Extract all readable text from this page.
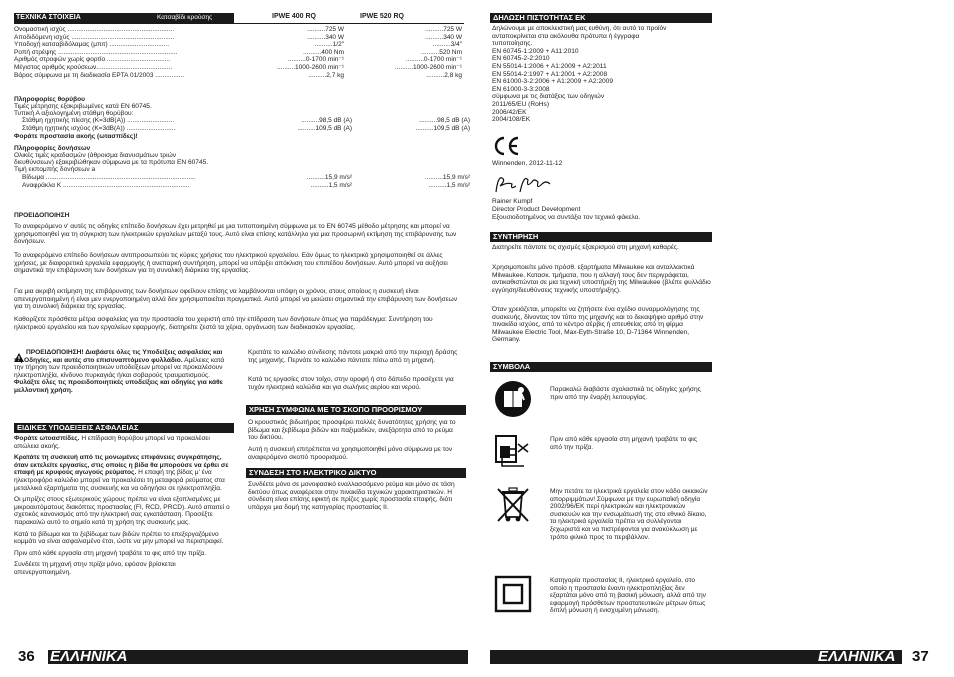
ΤΕΧΝΙΚΑ ΣΤΟΙΧΕΙΑ	Κατσαβίδι κρούσης	IPWE 400 RQ	IPWE 520 RQ
Ονομαστική ισχύς ...........................................................	..........725 W	..........725 W
Αποδιδόμενη ισχύς .........................................................	..........340 W	..........340 W
Υποδοχή κατσαβιδόλαμας (μπιτ) .................................	..........1/2"	..........3/4"
Ροπή στρέψης ..................................................................	..........400 Nm	..........520 Nm
Αριθμός στροφών χωρίς φορτίο ...................................	..........0-1700 min⁻¹	..........0-1700 min⁻¹
Μέγιστος αριθμός κρούσεων..........................................	..........1000-2600 min⁻¹	..........1000-2600 min⁻¹
Βάρος σύμφωνα με τη διαδικασία EPTA 01/2003 ................	..........2,7 kg	..........2,8 kg
Πληροφορίες θορύβου
Τιμές μέτρησης εξακριβωμένες κατά EN 60745.
Τυπική Α αξιολογημένη στάθμη θορύβου:
Στάθμη ηχητικής πίεσης (K=3dB(A)) ..........................	..........98,5 dB (A)	..........98,5 dB (A)
Στάθμη ηχητικής ισχύος (K=3dB(A)) ...........................	..........109,5 dB (A)	..........109,5 dB (A)
Φοράτε προστασία ακοής (ωτασπίδες)!
Πληροφορίες δονήσεων
Ολικές τιμές κραδασμών (άθροισμα διανυσμάτων τριών
διευθύνσεων) εξακριβώθηκαν σύμφωνα με τα πρότυπα EN 60745.
Τιμή εκπομπής δονήσεων a
Βίδωμα ...................................................................................	..........15,9 m/s²	..........15,9 m/s²
Αναφράκλα K ......................................................................	..........1,5 m/s²	..........1,5 m/s²
ΠΡΟΕΙΔΟΠΟΙΗΣΗ
Το αναφερόμενο ν' αυτές τις οδηγίες επίπεδο δονήσεων έχει μετρηθεί με μια τυποποιημένη σύμφωνα με το EN 60745 μέθοδο μέτρησης και μπορεί να χρησιμοποιηθεί για τη σύγκριση των ηλεκτρικών εργαλείων μεταξύ τους. Αυτό είναι επίσης κατάλληλο για μια προσωρινή εκτίμηση της επιβάρυνσης των δονήσεων.
Το αναφερόμενο επίπεδο δονήσεων αντιπροσωπεύει τις κύριες χρήσεις του ηλεκτρικού εργαλείου. Εάν όμως το ηλεκτρικό χρησιμοποιηθεί σε άλλες χρήσεις, με διαφορετικά εργαλεία εφαρμογής ή ανεπαρκή συντήρηση, μπορεί να υπάρξει απόκλιση του επιπέδου δονήσεων. Αυτό μπορεί να αυξήσει σημαντικά την επιβάρυνση των δονήσεων για τη συνολική διάρκεια της εργασίας.
Για μια ακριβή εκτίμηση της επιβάρυνσης των δονήσεων οφείλουν επίσης να λαμβάνονται υπόψη οι χρόνοι, στους οποίους η συσκευή είναι απενεργοποιημένη ή είναι μεν ενεργοποιημένη αλλά δεν χρησιμοποιείται πραγματικά. Αυτό μπορεί να μειώσει σημαντικά την επιβάρυνση των δονήσεων για τη συνολική διάρκεια της εργασίας.
Καθορίζετε πρόσθετα μέτρα ασφαλείας για την προστασία του χειριστή από την επίδραση των δονήσεων όπως για παράδειγμα: Συντήρηση του ηλεκτρικού εργαλείου και των εργαλείων εφαρμογής, διατηρείτε ζεστά τα χέρια, οργάνωση των διαδικασιών εργασίας.
ΠΡΟΕΙΔΟΠΟΙΗΣΗ! Διαβάστε όλες τις Υποδείξεις ασφαλείας και τις Οδηγίες, και αυτές στο επισυναπτόμενο φυλλάδιο. Αμέλειες κατά την τήρηση των προειδοποιητικών υποδείξεων μπορεί να προκαλέσουν ηλεκτροπληξία, κίνδυνο πυρκαγιάς ή/και σοβαρούς τραυματισμούς. Φυλάξτε όλες τις προειδοποιητικές υποδείξεις και οδηγίες για κάθε μελλοντική χρήση.
ΕΙΔΙΚΕΣ ΥΠΟΔΕΙΞΕΙΣ ΑΣΦΑΛΕΙΑΣ
Φοράτε ωτοασπίδες. Η επίδραση θορύβου μπορεί να προκαλέσει απώλεια ακοής.
Κρατάτε τη συσκευή από τις μονωμένες επιφάνειες συγκράτησης, όταν εκτελείτε εργασίες, στις οποίες η βίδα θα μπορούσε να έρθει σε επαφή με κρυφούς αγωγούς ρεύματος. Η επαφή της βίδας μ' ένα ηλεκτροφόρο καλώδιο μπορεί να προκαλέσει τη μεταφορά ρεύματος στα μεταλλικά εξαρτήματα της συσκευής και να οδηγήσει σε ηλεκτροπληξία.
Οι μπρίζες στους εξωτερικούς χώρους πρέπει να είναι εξοπλισμένες με μικροαυτόματους διακόπτες προστασίας (FI, RCD, PRCD). Αυτό απαιτεί ο σχετικός κανονισμός από την ηλεκτρική σας εγκατάσταση. Προσέξτε παρακαλώ αυτό το σημείο κατά τη χρήση της συσκευής μας.
Κατά το βίδωμα και το ξεβίδωμα των βιδών πρέπει το επεξεργαζόμενο κομμάτι να είναι ασφαλισμένο έτσι, ώστε να μην μπορεί να περιστραφεί.
Πριν από κάθε εργασία στη μηχανή τραβάτε το φις από την πρίζα.
Συνδέετε τη μηχανή στην πρίζα μόνο, εφόσον βρίσκεται απενεργοποιημένη.
Κρατάτε το καλώδιο σύνδεσης πάντοτε μακριά από την περιοχή δράσης της μηχανής. Περνάτε το καλώδιο πάντοτε πίσω από τη μηχανή.
Κατά τις εργασίες στον τοίχο, στην οροφή ή στο δάπεδο προσέχετε για τυχόν ηλεκτρικά καλώδια και για σωλήνες αερίου και νερού.
ΧΡΗΣΗ ΣΥΜΦΩΝΑ ΜΕ ΤΟ ΣΚΟΠΟ ΠΡΟΟΡΙΣΜΟΥ
Ο κρουστικός βιδωτήρας προσφέρει πολλές δυνατότητες χρήσης για το βίδωμα και ξεβίδωμα βιδών και παξιμαδιών, ανεξάρτητα από το ρεύμα του δικτύου.
Αυτή η συσκευή επιτρέπεται να χρησιμοποιηθεί μόνο σύμφωνα με τον αναφερόμενο σκοπό προορισμού.
ΣΥΝΔΕΣΗ ΣΤΟ ΗΛΕΚΤΡΙΚΟ ΔΙΚΤΥΟ
Συνδέετε μόνο σε μονοφασικό εναλλασσόμενο ρεύμα και μόνο σε τάση δικτύου όπως αναφέρεται στην πινακίδα τεχνικών χαρακτηριστικών. Η σύνδεση είναι επίσης εφικτή σε πρίζες χωρίς προστασία επαφής, διότι υπάρχει μια δομή της κατηγορίας προστασίας II.
36 ΕΛΛΗΝΙΚΑ
ΔΗΛΩΣΗ ΠΙΣΤΟΤΗΤΑΣ ΕΚ
Δηλώνουμε με αποκλειστική μας ευθύνη, ότι αυτό το προϊόν
ανταποκρίνεται στα ακόλουθα πρότυπα ή έγγραφα
τυποποίησης.
EN 60745-1:2009 + A11:2010
EN 60745-2-2:2010
EN 55014-1:2006 + A1:2009 + A2:2011
EN 55014-2:1997 + A1:2001 + A2:2008
EN 61000-3-2:2006 + A1:2009 + A2:2009
EN 61000-3-3:2008
σύμφωνα με τις διατάξεις των οδηγιών
2011/65/EU (RoHs)
2006/42/EK
2004/108/EK
Winnenden, 2012-11-12
Rainer Kumpf
Director Product Development
Εξουσιοδοτημένος να συντάξει τον τεχνικό φάκελο.
ΣΥΝΤΗΡΗΣΗ
Διατηρείτε πάντοτε τις σχισμές εξαερισμού στη μηχανή καθαρές.
Χρησιμοποιείτε μόνο πρόσθ. εξαρτήματα Milwaukee και ανταλλακτικά Milwaukee. Κατασκ. τμήματα, που η αλλαγή τους δεν περιγράφεται, αντικαθιστώνται σε μια τεχνική υποστήριξη της Milwaukee (βλέπε φυλλάδιο εγγύηση/διευθύνσεις τεχνικής υποστήριξης).
Όταν χρειάζεται, μπορείτε να ζητήσετε ένα σχέδιο συναρμολόγησης της συσκευής, δίνοντας τον τύπο της μηχανής και το δεκαψήφιο αριθμό στην πινακίδα ισχύος, από το κέντρο σέρβις ή απευθείας από τη φίρμα Milwaukee Electric Tool, Max-Eyth-Straße 10, D-71364 Winnenden, Germany.
ΣΥΜΒΟΛΑ
Παρακαλώ διαβάστε σχολαστικά τις οδηγίες χρήσης πριν από την έναρξη λειτουργίας.
Πριν από κάθε εργασία στη μηχανή τραβάτε το φις από την πρίζα.
Μην πετάτε τα ηλεκτρικά εργαλεία στον κάδο οικιακών απορριμμάτων! Σύμφωνα με την ευρωπαϊκή οδηγία 2002/96/EK περί ηλεκτρικών και ηλεκτρονικών συσκευών και την ενσωμάτωσή της στο εθνικό δίκαιο, τα ηλεκτρικά εργαλεία πρέπει να συλλέγονται ξεχωριστά και να πιστρέφονται για ανακύκλωση με τρόπο φιλικό προς το περιβάλλον.
Κατηγορία προστασίας II, ηλεκτρικό εργαλείο, στο οποίο η προστασία έναντι ηλεκτροπληξίας δεν εξαρτάται μόνο από τη βασική μόνωση, αλλά από την εφαρμογή πρόσθετων προστατευτικών μέτρων όπως διπλή μόνωση ή ενισχυμένη μόνωση.
ΕΛΛΗΝΙΚΑ 37
